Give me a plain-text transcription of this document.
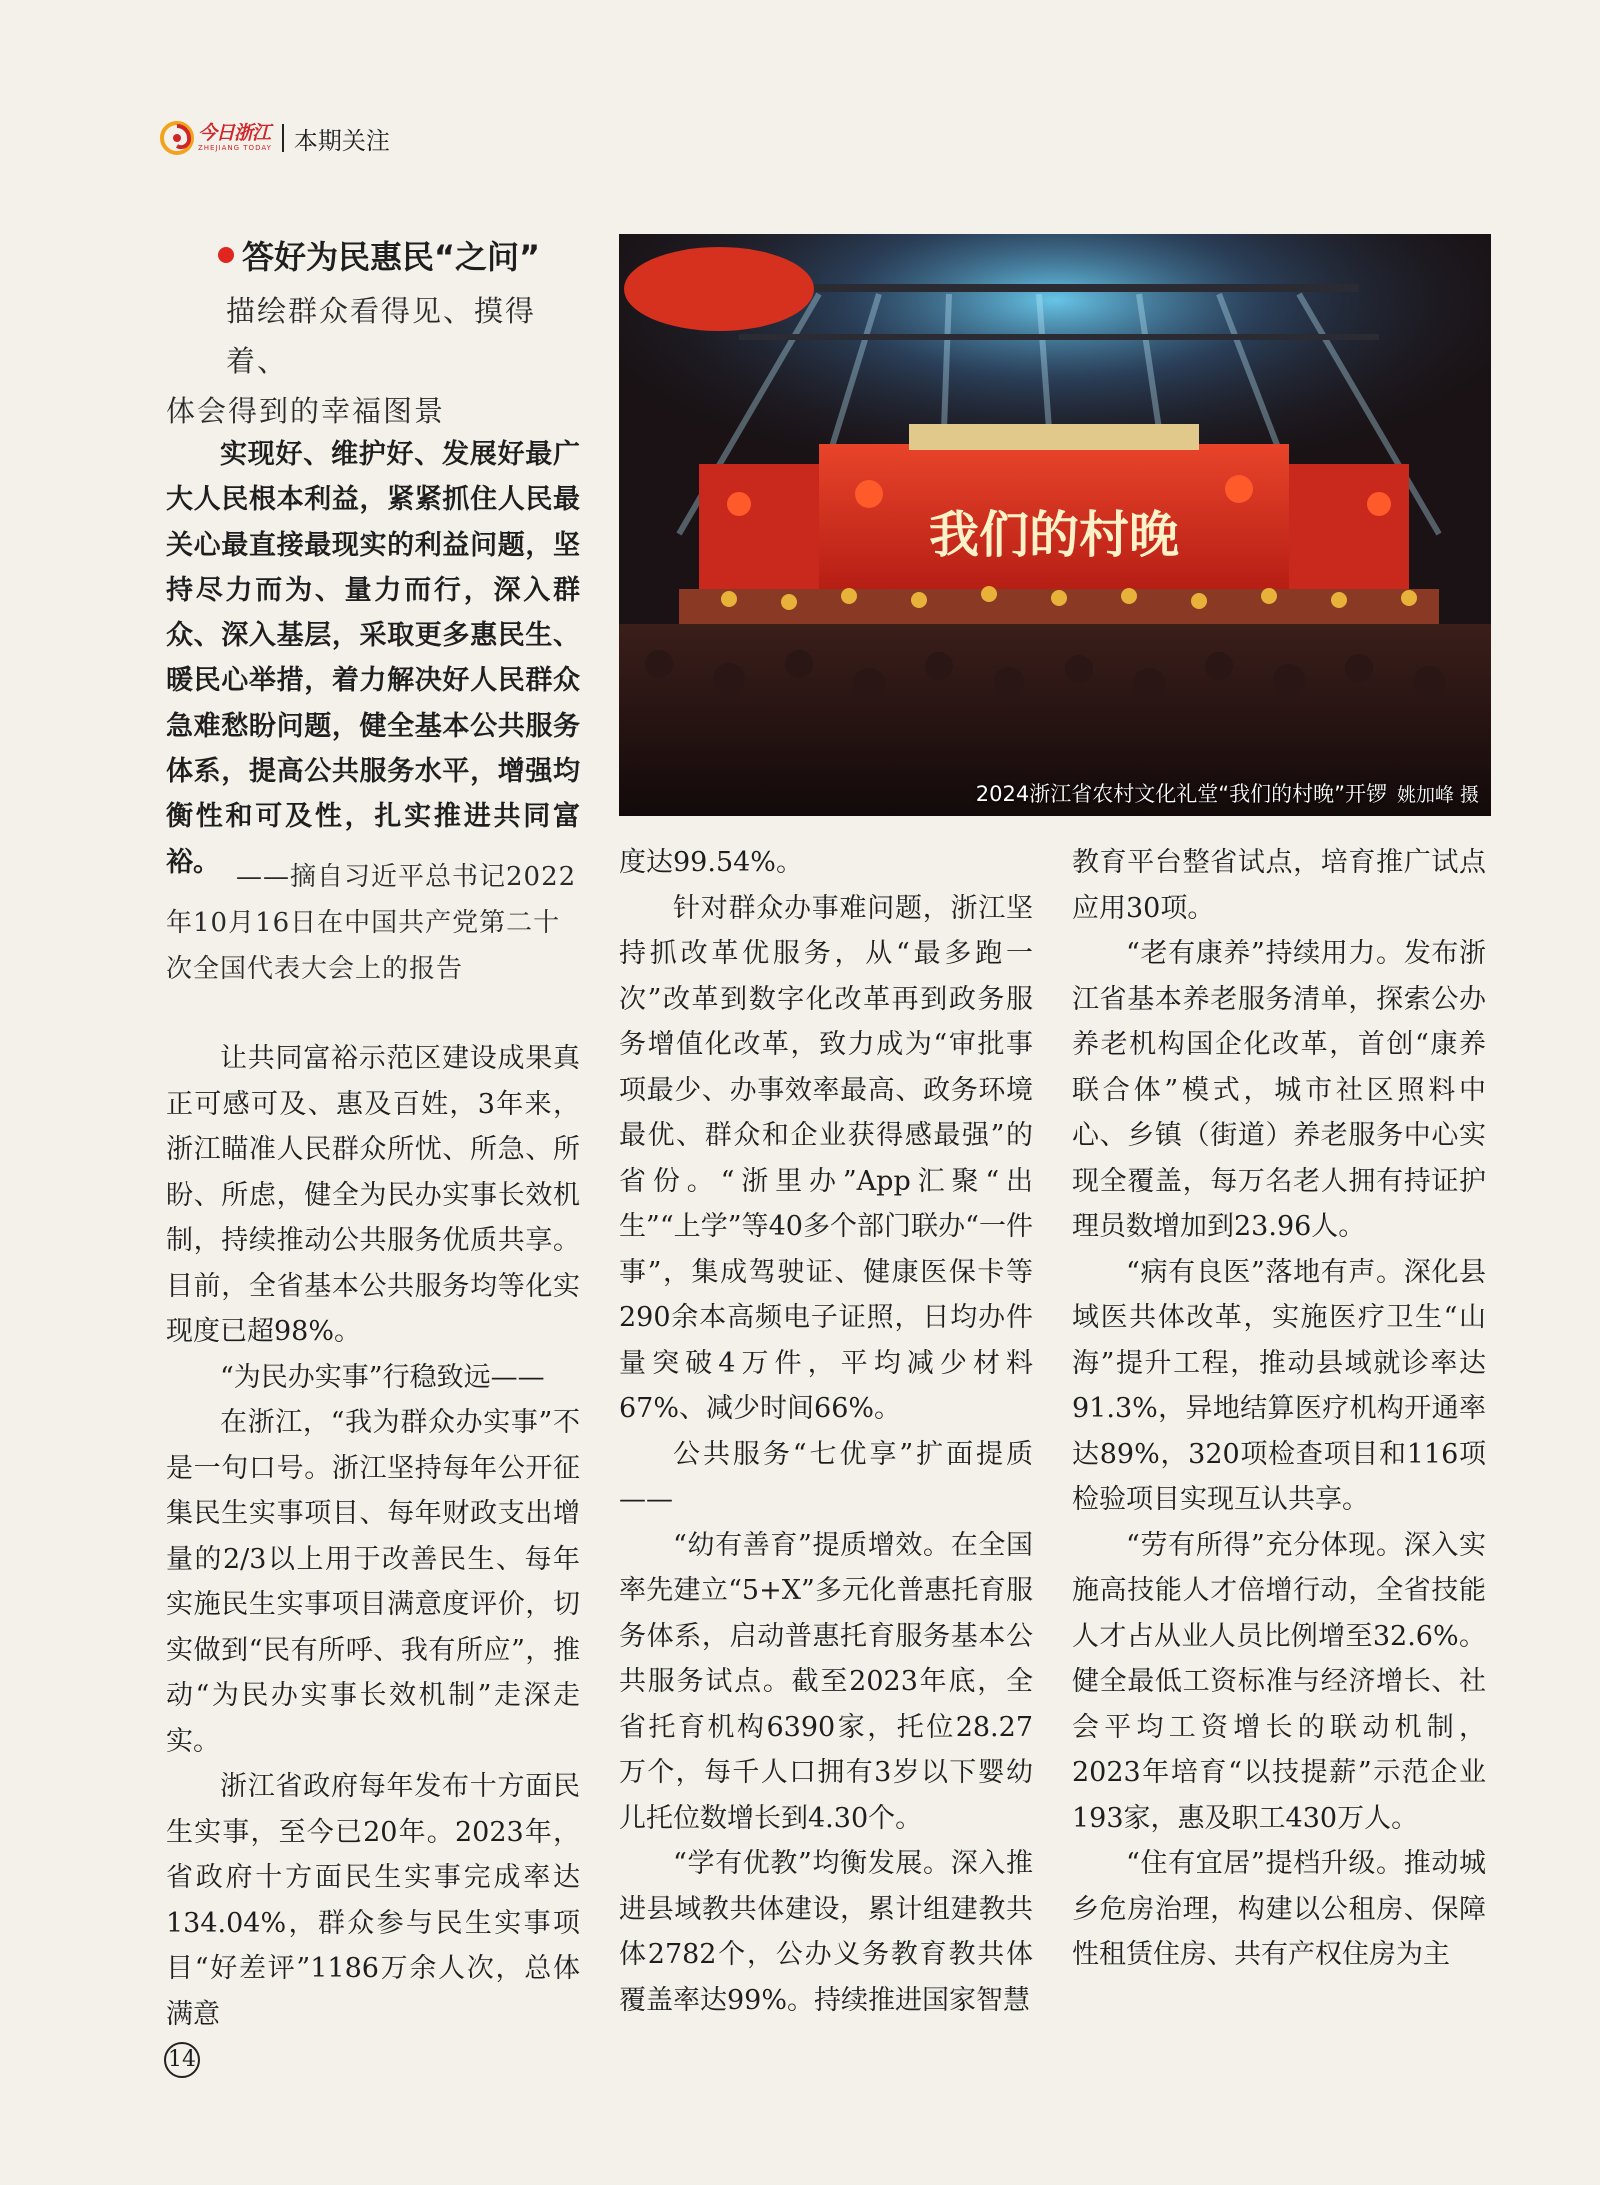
今日浙江
ZHEJIANG TODAY 本期关注
答好为民惠民“之问”
描绘群众看得见、摸得着、
体会得到的幸福图景

实现好、维护好、发展好最广大人民根本利益，紧紧抓住人民最关心最直接最现实的利益问题，坚持尽力而为、量力而行，深入群众、深入基层，采取更多惠民生、暖民心举措，着力解决好人民群众急难愁盼问题，健全基本公共服务体系，提高公共服务水平，增强均衡性和可及性，扎实推进共同富裕。 ——摘自习近平总书记2022
年10月16日在中国共产党第二十
次全国代表大会上的报告

让共同富裕示范区建设成果真正可感可及、惠及百姓，3年来，浙江瞄准人民群众所忧、所急、所盼、所虑，健全为民办实事长效机制，持续推动公共服务优质共享。目前，全省基本公共服务均等化实现度已超98%。

“为民办实事”行稳致远——

在浙江，“我为群众办实事”不是一句口号。浙江坚持每年公开征集民生实事项目、每年财政支出增量的2/3以上用于改善民生、每年实施民生实事项目满意度评价，切实做到“民有所呼、我有所应”，推动“为民办实事长效机制”走深走实。

浙江省政府每年发布十方面民生实事，至今已20年。2023年，省政府十方面民生实事完成率达134.04%，群众参与民生实事项目“好差评”1186万余人次，总体满意

我们的村晚
2024浙江省农村文化礼堂“我们的村晚”开锣 姚加峰 摄

度达99.54%。

针对群众办事难问题，浙江坚持抓改革优服务，从“最多跑一次”改革到数字化改革再到政务服务增值化改革，致力成为“审批事项最少、办事效率最高、政务环境最优、群众和企业获得感最强”的省份。“浙里办”App汇聚“出生”“上学”等40多个部门联办“一件事”，集成驾驶证、健康医保卡等290余本高频电子证照，日均办件量突破4万件，平均减少材料67%、减少时间66%。

公共服务“七优享”扩面提质——

“幼有善育”提质增效。在全国率先建立“5+X”多元化普惠托育服务体系，启动普惠托育服务基本公共服务试点。截至2023年底，全省托育机构6390家，托位28.27万个，每千人口拥有3岁以下婴幼儿托位数增长到4.30个。

“学有优教”均衡发展。深入推进县域教共体建设，累计组建教共体2782个，公办义务教育教共体覆盖率达99%。持续推进国家智慧

教育平台整省试点，培育推广试点应用30项。

“老有康养”持续用力。发布浙江省基本养老服务清单，探索公办养老机构国企化改革，首创“康养联合体”模式，城市社区照料中心、乡镇（街道）养老服务中心实现全覆盖，每万名老人拥有持证护理员数增加到23.96人。

“病有良医”落地有声。深化县域医共体改革，实施医疗卫生“山海”提升工程，推动县域就诊率达91.3%，异地结算医疗机构开通率达89%，320项检查项目和116项检验项目实现互认共享。

“劳有所得”充分体现。深入实施高技能人才倍增行动，全省技能人才占从业人员比例增至32.6%。健全最低工资标准与经济增长、社会平均工资增长的联动机制，2023年培育“以技提薪”示范企业193家，惠及职工430万人。

“住有宜居”提档升级。推动城乡危房治理，构建以公租房、保障性租赁住房、共有产权住房为主

14
